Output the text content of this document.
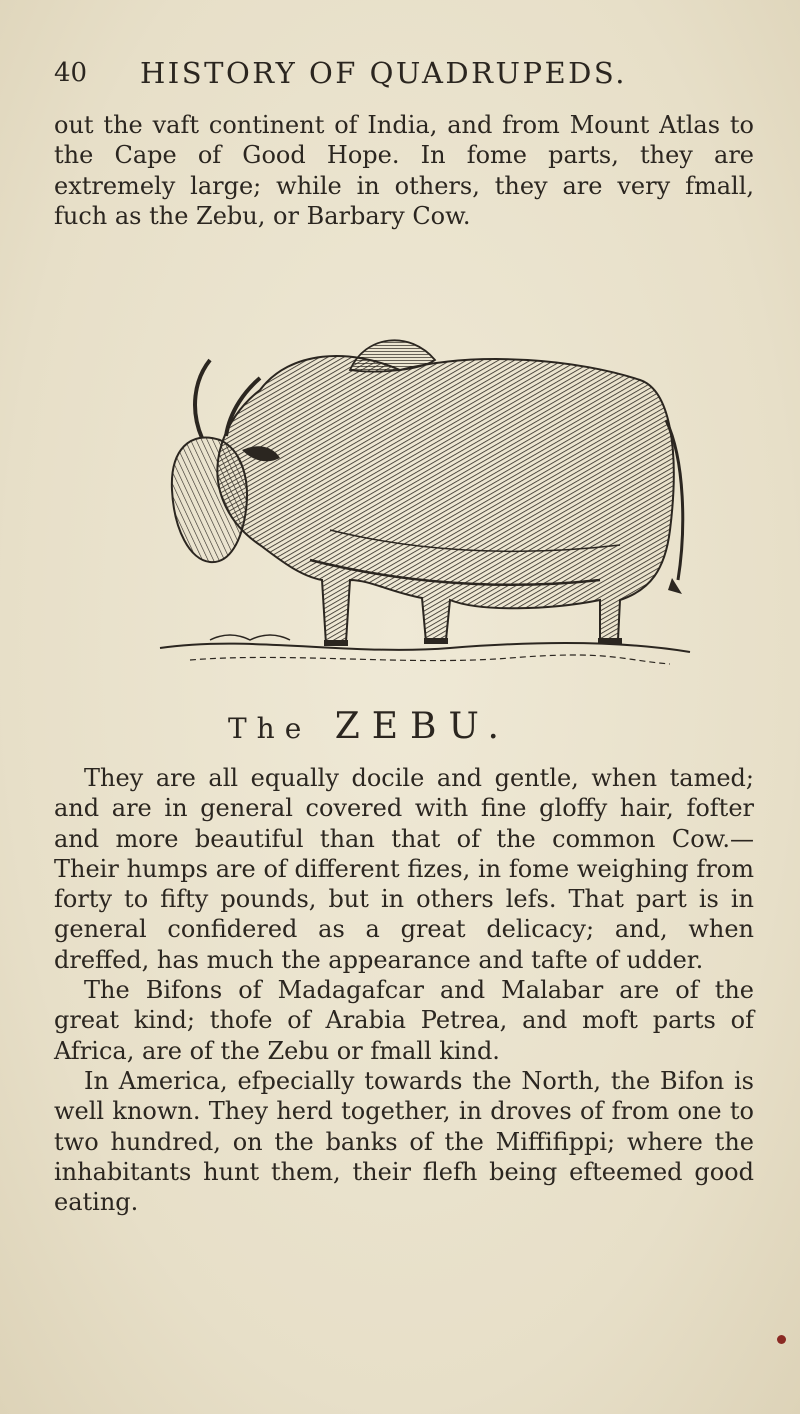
40 HISTORY OF QUADRUPEDS.

out the vaft continent of India, and from Mount Atlas to the Cape of Good Hope. In fome parts, they are extremely large; while in others, they are very fmall, fuch as the Zebu, or Barbary Cow.

The ZEBU.

They are all equally docile and gentle, when tamed; and are in general covered with fine gloffy hair, fofter and more beautiful than that of the common Cow.— Their humps are of different fizes, in fome weighing from forty to fifty pounds, but in others lefs. That part is in general confidered as a great delicacy; and, when dreffed, has much the appearance and tafte of udder.

The Bifons of Madagafcar and Malabar are of the great kind; thofe of Arabia Petrea, and moft parts of Africa, are of the Zebu or fmall kind.

In America, efpecially towards the North, the Bifon is well known. They herd together, in droves of from one to two hundred, on the banks of the Miffifippi; where the inhabitants hunt them, their flefh being efteemed good eating.
